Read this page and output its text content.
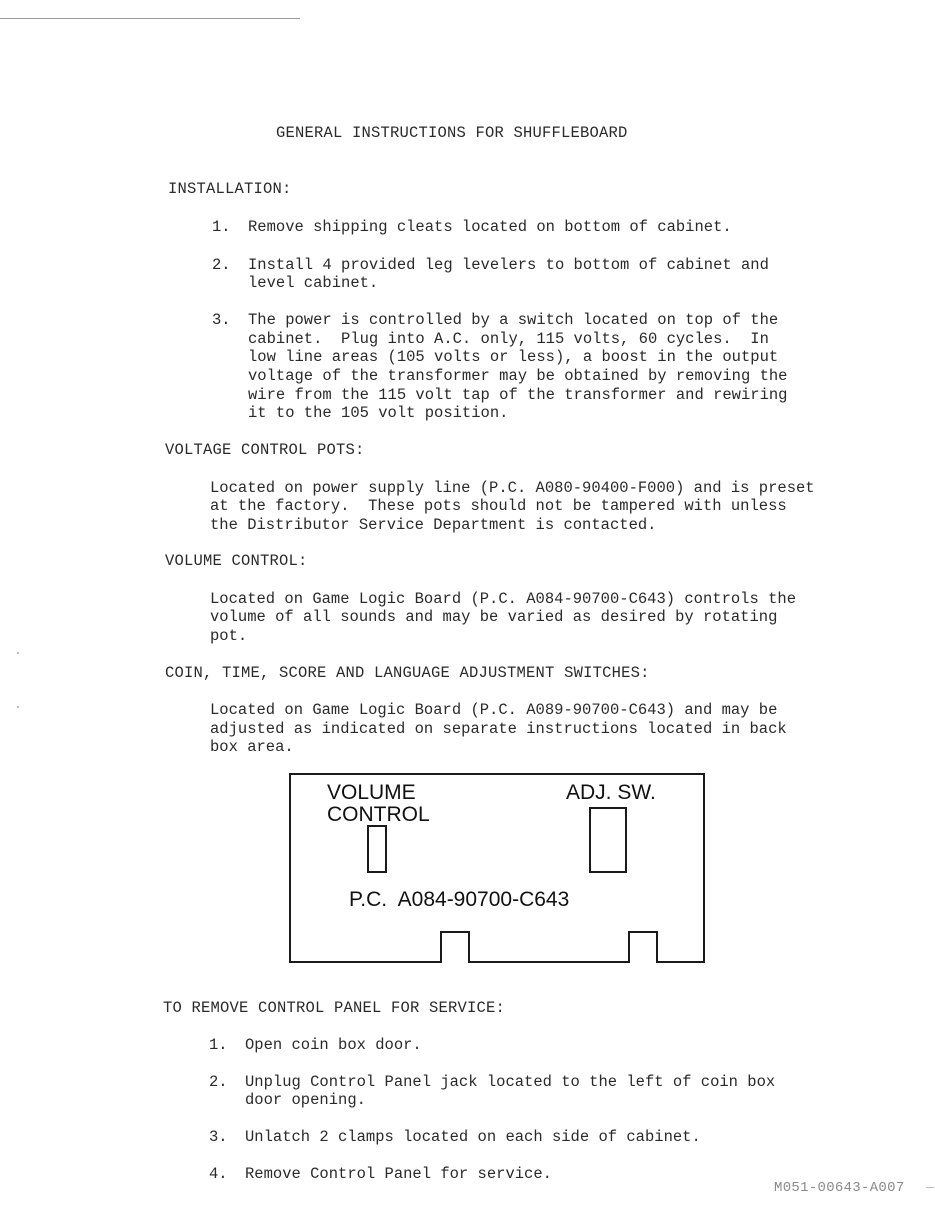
GENERAL INSTRUCTIONS FOR SHUFFLEBOARD
INSTALLATION:
1.	Remove shipping cleats located on bottom of cabinet.
2.	Install 4 provided leg levelers to bottom of cabinet and
level cabinet.
3.	The power is controlled by a switch located on top of the
cabinet.  Plug into A.C. only, 115 volts, 60 cycles.  In
low line areas (105 volts or less), a boost in the output
voltage of the transformer may be obtained by removing the
wire from the 115 volt tap of the transformer and rewiring
it to the 105 volt position.
VOLTAGE CONTROL POTS:
Located on power supply line (P.C. A080-90400-F000) and is preset
at the factory.  These pots should not be tampered with unless
the Distributor Service Department is contacted.
VOLUME CONTROL:
Located on Game Logic Board (P.C. A084-90700-C643) controls the
volume of all sounds and may be varied as desired by rotating
pot.
COIN, TIME, SCORE AND LANGUAGE ADJUSTMENT SWITCHES:
Located on Game Logic Board (P.C. A089-90700-C643) and may be
adjusted as indicated on separate instructions located in back
box area.
VOLUME
CONTROL
ADJ. SW.
P.C.  A084-90700-C643
TO REMOVE CONTROL PANEL FOR SERVICE:
1.	Open coin box door.
2.	Unplug Control Panel jack located to the left of coin box
door opening.
3.	Unlatch 2 clamps located on each side of cabinet.
4.	Remove Control Panel for service.
M051-00643-A007
